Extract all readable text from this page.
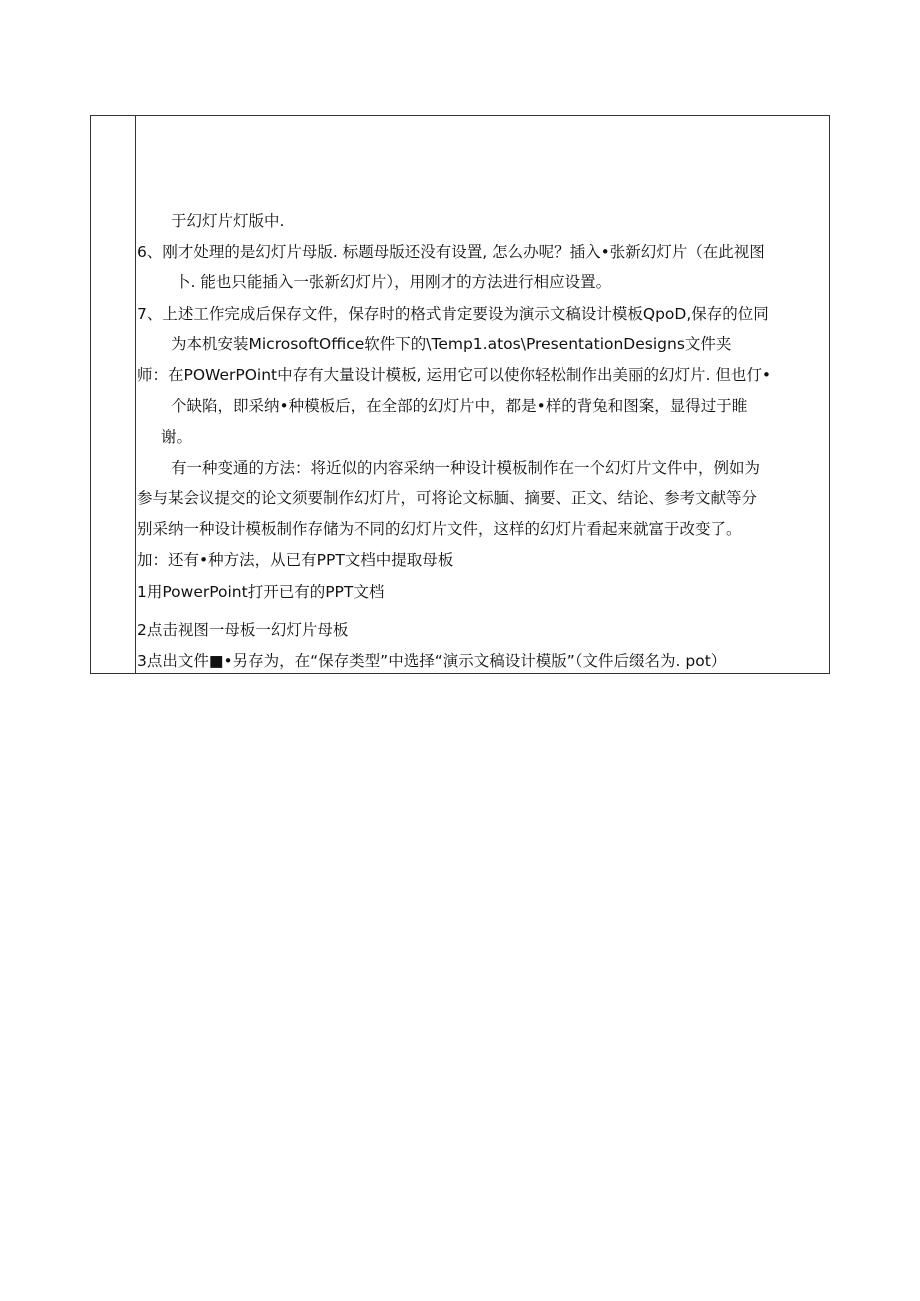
于幻灯片灯版中.
6、刚才处理的是幻灯片母版. 标题母版还没有设置, 怎么办呢？插入•张新幻灯片（在此视图
卜. 能也只能插入一张新幻灯片），用刚才的方法进行相应设置。
7、上述工作完成后保存文件，保存时的格式肯定要设为演示文稿设计模板QpoD,保存的位同
为本机安装MicrosoftOffice软件下的\Temp1.atos\PresentationDesigns文件夹
师：在POWerPOint中存有大量设计模板, 运用它可以使你轻松制作出美丽的幻灯片. 但也仃•
个缺陷，即采纳•种模板后，在全部的幻灯片中，都是•样的背兔和图案，显得过于睢
谢。
有一种变通的方法：将近似的内容采纳一种设计模板制作在一个幻灯片文件中，例如为
参与某会议提交的论文须要制作幻灯片，可将论文标腼、摘要、正文、结论、参考文献等分
别采纳一种设计模板制作存储为不同的幻灯片文件，这样的幻灯片看起来就富于改变了。
加：还有•种方法，从已有PPT文档中提取母板
1用PowerPoint打开已有的PPT文档
2点击视图一母板一幻灯片母板
3点出文件■•另存为，在“保存类型”中选择“演示文稿设计模版”（文件后缀名为. pot）
